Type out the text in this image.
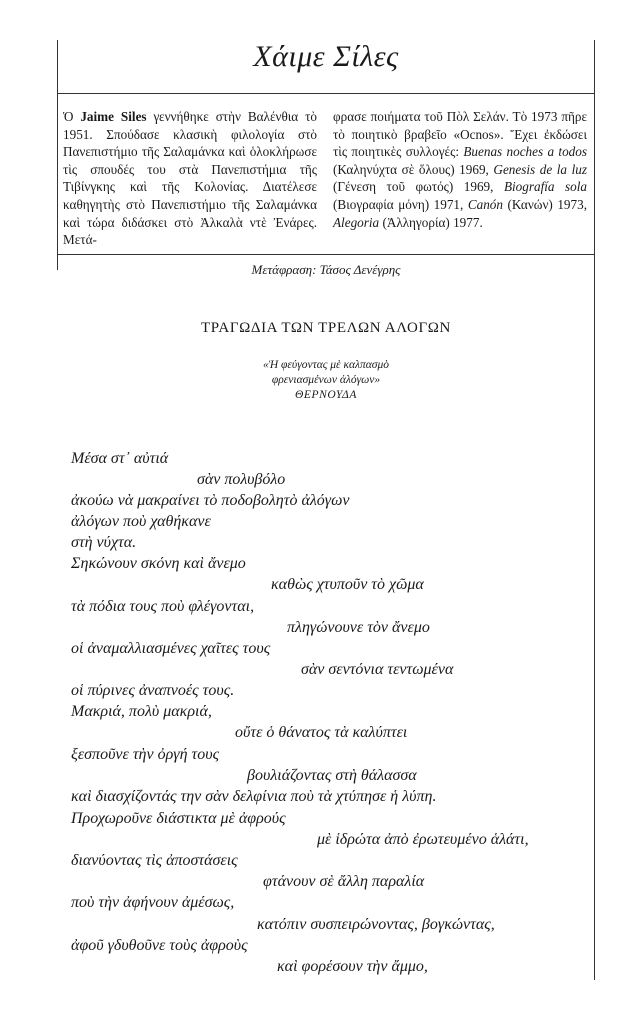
Χάιμε Σίλες
Ὁ Jaime Siles γεννήθηκε στὴν Βαλένθια τὸ 1951. Σπούδασε κλασικὴ φιλολογία στὸ Πανεπιστήμιο τῆς Σαλαμάνκα καὶ ὁλοκλήρωσε τὶς σπουδές του στὰ Πανεπιστήμια τῆς Τιβίνγκης καὶ τῆς Κολονίας. Διατέλεσε καθηγητὴς στὸ Πανεπιστήμιο τῆς Σαλαμάνκα καὶ τώρα διδάσκει στὸ Ἀλκαλὰ ντὲ Ἐνάρες. Μετά-
φρασε ποιήματα τοῦ Πὸλ Σελάν. Τὸ 1973 πῆρε τὸ ποιητικὸ βραβεῖο «Ocnos». Ἔχει ἐκδώσει τὶς ποιητικὲς συλλογές: Buenas noches a todos (Καληνύχτα σὲ ὅλους) 1969, Genesis de la luz (Γένεση τοῦ φωτός) 1969, Biografía sola (Βιογραφία μόνη) 1971, Canón (Κανών) 1973, Alegoria (Ἀλληγορία) 1977.
Μετάφραση: Τάσος Δενέγρης
ΤΡΑΓΩΔΙΑ ΤΩΝ ΤΡΕΛΩΝ ΑΛΟΓΩΝ
«Ἡ φεύγοντας μὲ καλπασμὸ
φρενιασμένων ἀλόγων»
ΘΕΡΝΟΥΔΑ
Μέσα στ᾽ αὐτιά
σὰν πολυβόλο
ἀκούω νὰ μακραίνει τὸ ποδοβολητὸ ἀλόγων
ἀλόγων ποὺ χαθήκανε
στὴ νύχτα.
Σηκώνουν σκόνη καὶ ἄνεμο
καθὼς χτυποῦν τὸ χῶμα
τὰ πόδια τους ποὺ φλέγονται,
πληγώνουνε τὸν ἄνεμο
οἱ ἀναμαλλιασμένες χαῖτες τους
σὰν σεντόνια τεντωμένα
οἱ πύρινες ἀναπνοές τους.
Μακριά, πολὺ μακριά,
οὔτε ὁ θάνατος τὰ καλύπτει
ξεσποῦνε τὴν ὀργή τους
βουλιάζοντας στὴ θάλασσα
καὶ διασχίζοντάς την σὰν δελφίνια ποὺ τὰ χτύπησε ἡ λύπη.
Προχωροῦνε διάστικτα μὲ ἀφρούς
μὲ ἱδρώτα ἀπὸ ἐρωτευμένο ἁλάτι,
διανύοντας τὶς ἀποστάσεις
φτάνουν σὲ ἄλλη παραλία
ποὺ τὴν ἀφήνουν ἀμέσως,
κατόπιν συσπειρώνοντας, βογκώντας,
ἀφοῦ γδυθοῦνε τοὺς ἀφροὺς
καὶ φορέσουν τὴν ἄμμο,
